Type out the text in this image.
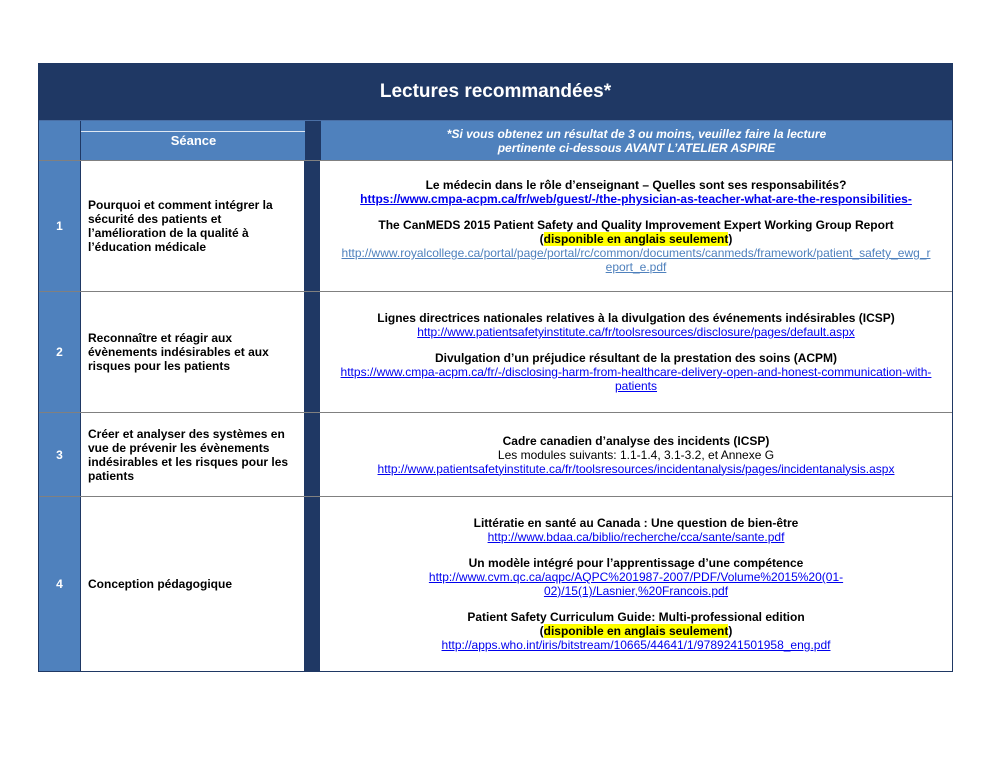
Lectures recommandées*
Séance	*Si vous obtenez un résultat de 3 ou moins, veuillez faire la lecture
pertinente ci-dessous AVANT L’ATELIER ASPIRE
1
Pourquoi et comment intégrer la sécurité des patients et l’amélioration de la qualité à l’éducation médicale
Le médecin dans le rôle d’enseignant – Quelles sont ses responsabilités?
https://www.cmpa-acpm.ca/fr/web/guest/-/the-physician-as-teacher-what-are-the-responsibilities-
The CanMEDS 2015 Patient Safety and Quality Improvement Expert Working Group Report
(disponible en anglais seulement)
http://www.royalcollege.ca/portal/page/portal/rc/common/documents/canmeds/framework/patient_safety_ewg_r
eport_e.pdf
2
Reconnaître et réagir aux évènements indésirables et aux risques pour les patients
Lignes directrices nationales relatives à la divulgation des événements indésirables (ICSP)
http://www.patientsafetyinstitute.ca/fr/toolsresources/disclosure/pages/default.aspx
Divulgation d’un préjudice résultant de la prestation des soins (ACPM)
https://www.cmpa-acpm.ca/fr/-/disclosing-harm-from-healthcare-delivery-open-and-honest-communication-with-
patients
3
Créer et analyser des systèmes en vue de prévenir les évènements indésirables et les risques pour les patients
Cadre canadien d’analyse des incidents (ICSP)
Les modules suivants: 1.1-1.4, 3.1-3.2, et Annexe G
http://www.patientsafetyinstitute.ca/fr/toolsresources/incidentanalysis/pages/incidentanalysis.aspx
4	Conception pédagogique
Littératie en santé au Canada : Une question de bien-être
http://www.bdaa.ca/biblio/recherche/cca/sante/sante.pdf
Un modèle intégré pour l’apprentissage d’une compétence
http://www.cvm.qc.ca/aqpc/AQPC%201987-2007/PDF/Volume%2015%20(01-
02)/15(1)/Lasnier,%20Francois.pdf
Patient Safety Curriculum Guide: Multi-professional edition
(disponible en anglais seulement)
http://apps.who.int/iris/bitstream/10665/44641/1/9789241501958_eng.pdf
